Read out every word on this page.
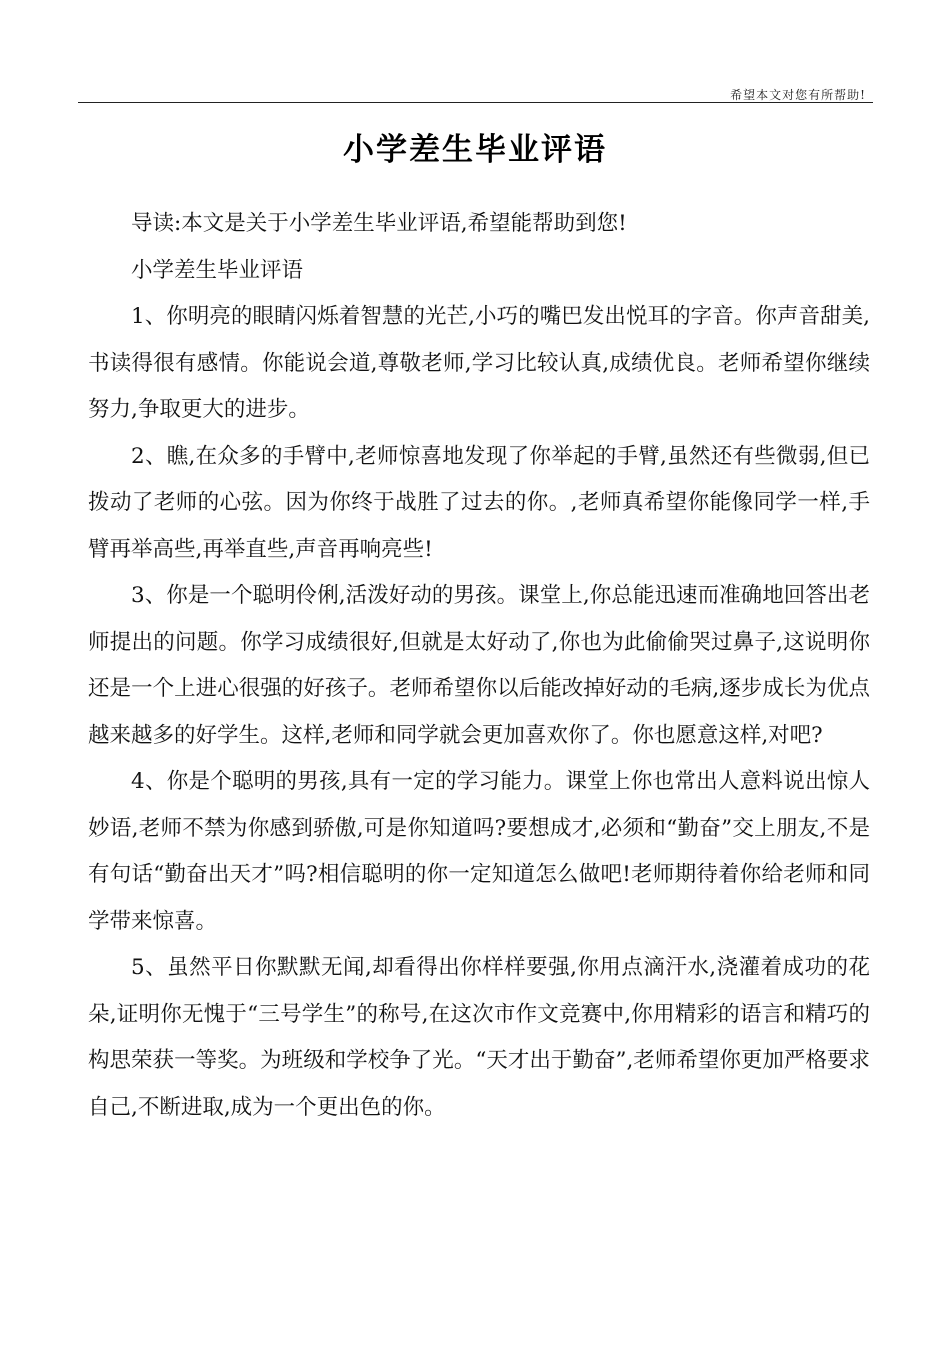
希望本文对您有所帮助!
小学差生毕业评语

导读:本文是关于小学差生毕业评语,希望能帮助到您!

小学差生毕业评语

1、你明亮的眼睛闪烁着智慧的光芒,小巧的嘴巴发出悦耳的字音。你声音甜美,书读得很有感情。你能说会道,尊敬老师,学习比较认真,成绩优良。老师希望你继续努力,争取更大的进步。

2、瞧,在众多的手臂中,老师惊喜地发现了你举起的手臂,虽然还有些微弱,但已拨动了老师的心弦。因为你终于战胜了过去的你。,老师真希望你能像同学一样,手臂再举高些,再举直些,声音再响亮些!

3、你是一个聪明伶俐,活泼好动的男孩。课堂上,你总能迅速而准确地回答出老师提出的问题。你学习成绩很好,但就是太好动了,你也为此偷偷哭过鼻子,这说明你还是一个上进心很强的好孩子。老师希望你以后能改掉好动的毛病,逐步成长为优点越来越多的好学生。这样,老师和同学就会更加喜欢你了。你也愿意这样,对吧?

4、你是个聪明的男孩,具有一定的学习能力。课堂上你也常出人意料说出惊人妙语,老师不禁为你感到骄傲,可是你知道吗?要想成才,必须和“勤奋”交上朋友,不是有句话“勤奋出天才”吗?相信聪明的你一定知道怎么做吧!老师期待着你给老师和同学带来惊喜。

5、虽然平日你默默无闻,却看得出你样样要强,你用点滴汗水,浇灌着成功的花朵,证明你无愧于“三号学生”的称号,在这次市作文竞赛中,你用精彩的语言和精巧的构思荣获一等奖。为班级和学校争了光。“天才出于勤奋”,老师希望你更加严格要求自己,不断进取,成为一个更出色的你。
